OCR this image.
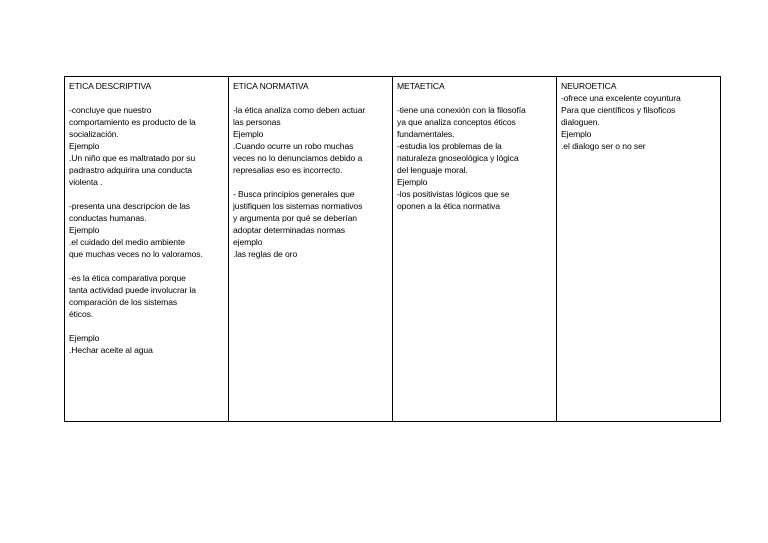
ETICA DESCRIPTIVA
-concluye que nuestro
comportamiento es producto de la
socialización.
Ejemplo
.Un niño que es maltratado por su
padrastro adquirira una conducta
violenta .
-presenta una descripcion de las
conductas humanas.
Ejemplo
.el cuidado del medio ambiente
que muchas veces no lo valoramos.
-es la ética comparativa porque
tanta actividad puede involucrar la
comparación de los sistemas
éticos.
Ejemplo
.Hechar aceite al agua

ETICA NORMATIVA
-la ética analiza como deben actuar
las personas
Ejemplo
.Cuando ocurre un robo muchas
veces no lo denunciamos debido a
represalias eso es incorrecto.
- Busca principios generales que
justifiquen los sistemas normativos
y argumenta por qué se deberían
adoptar determinadas normas
ejemplo
.las reglas de oro

METAETICA
-tiene una conexión con la filosofía
ya que analiza conceptos éticos
fundamentales.
-estudia los problemas de la
naturaleza gnoseológica y lógica
del lenguaje moral.
Ejemplo
-los positivistas lógicos que se
oponen a la ética normativa

NEUROETICA
-ofrece una excelente coyuntura
Para que científicos y filsoficos
dialoguen.
Ejemplo
.el dialogo ser o no ser
